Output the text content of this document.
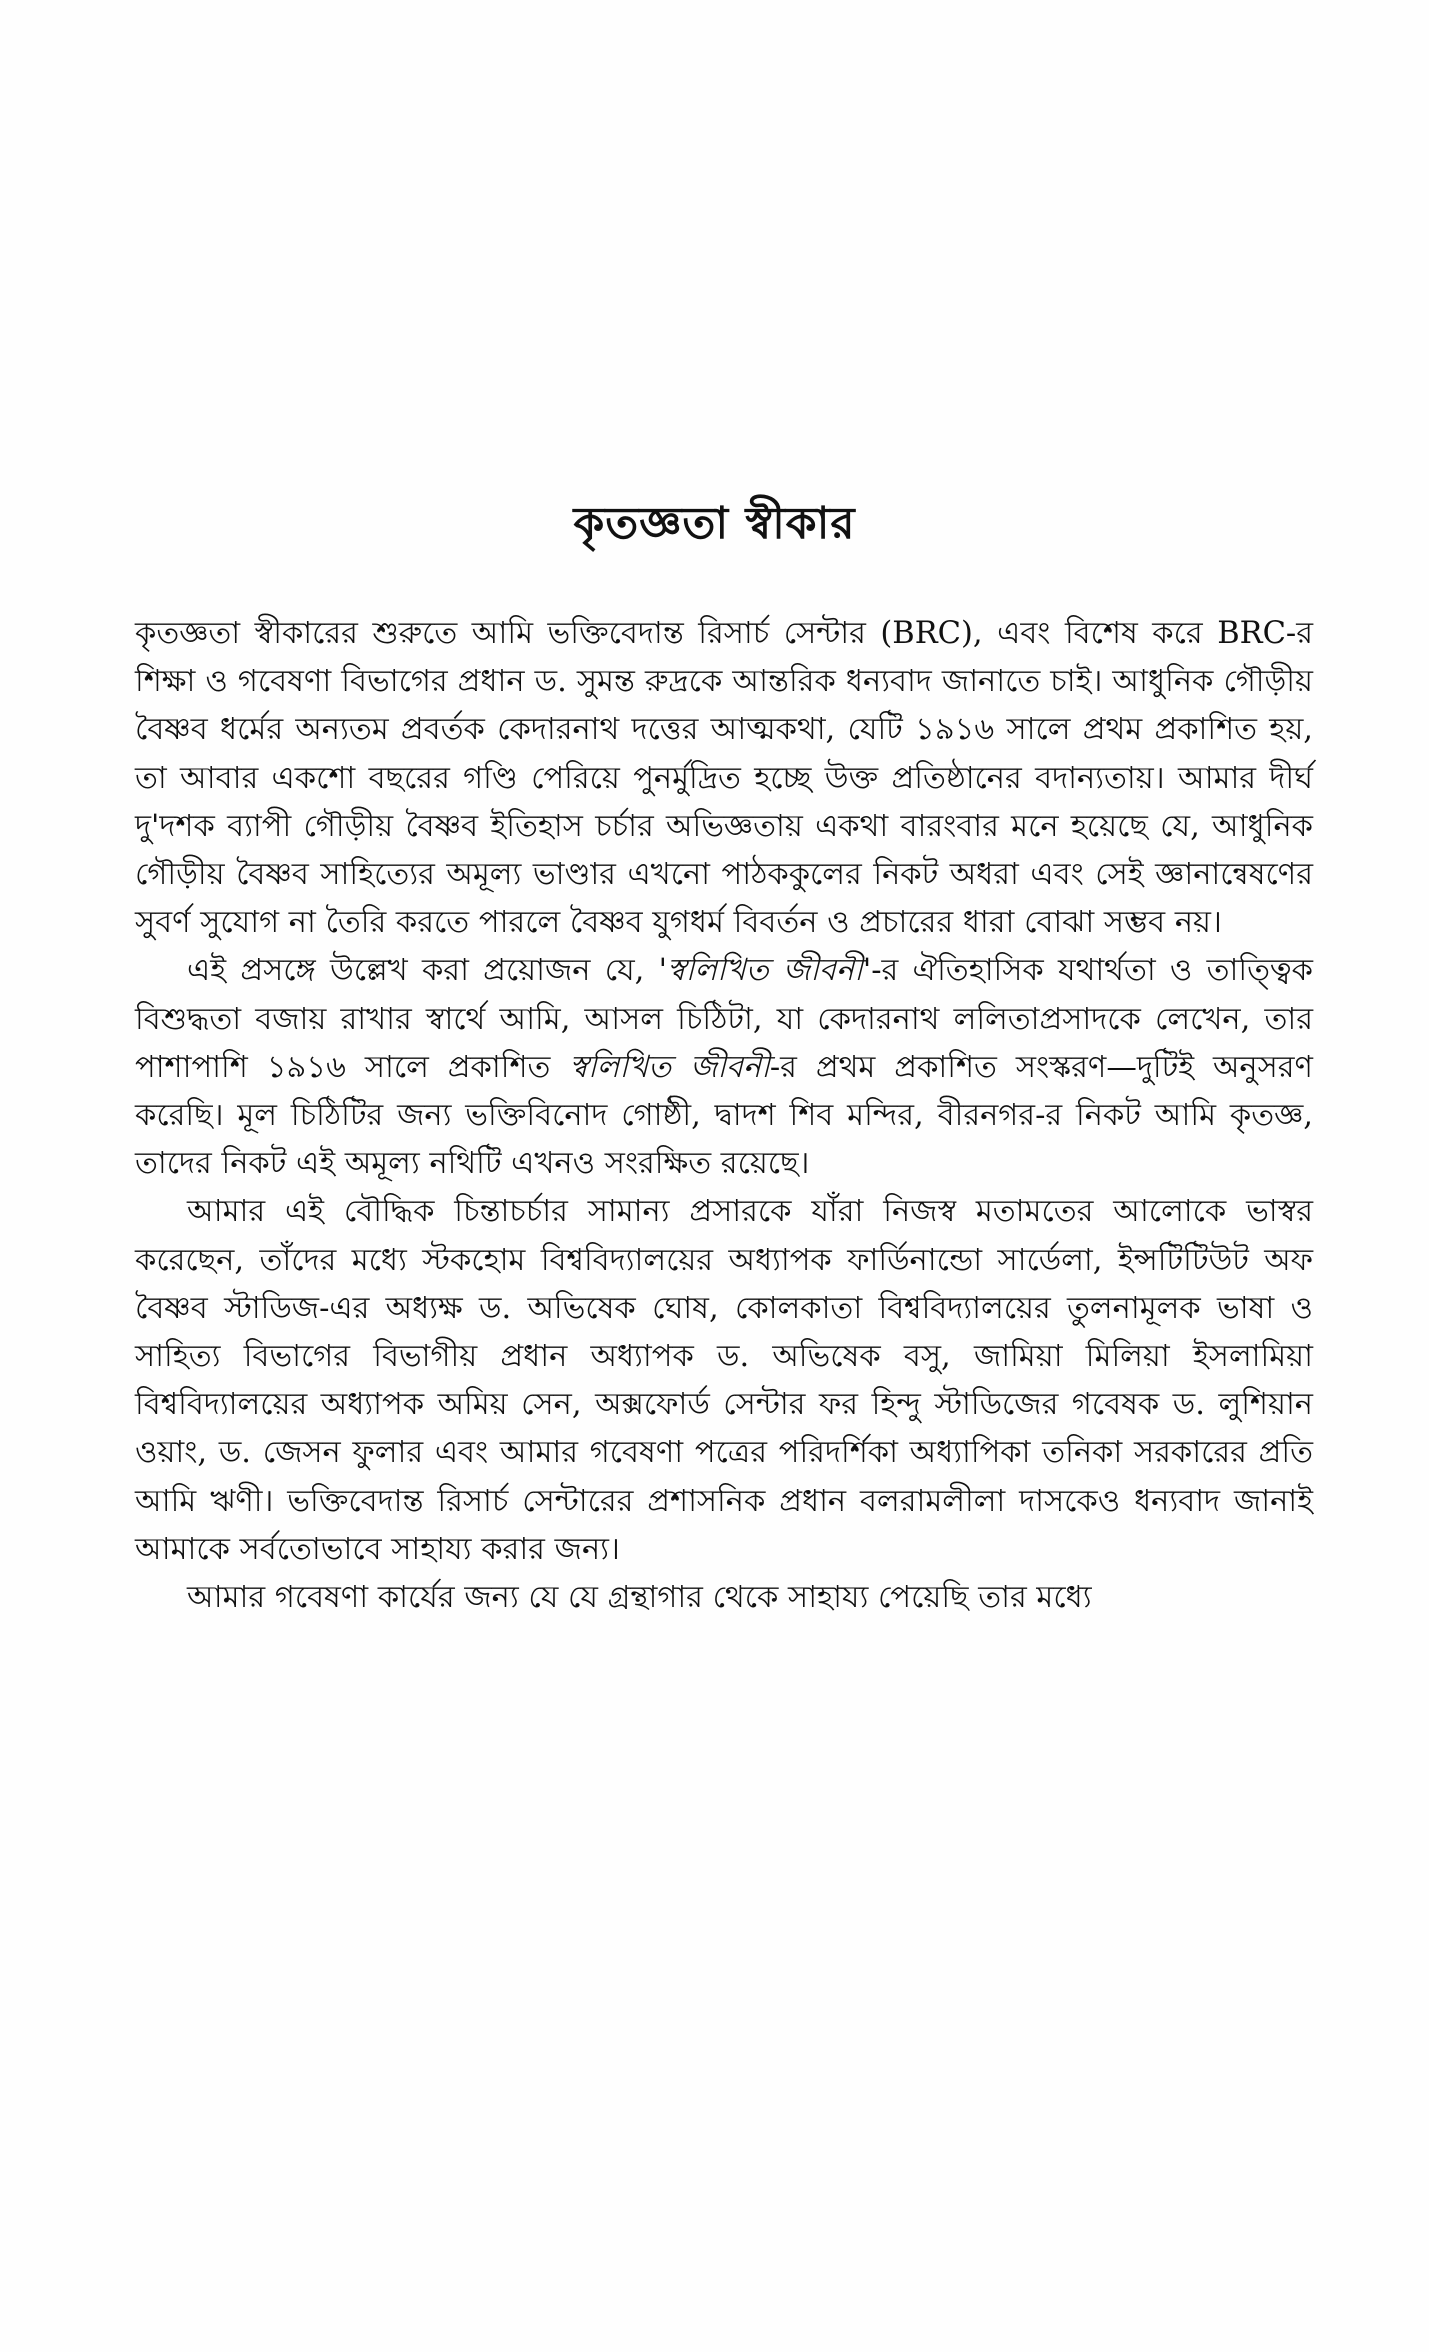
কৃতজ্ঞতা স্বীকার

কৃতজ্ঞতা স্বীকারের শুরুতে আমি ভক্তিবেদান্ত রিসার্চ সেন্টার (BRC), এবং বিশেষ করে BRC-র শিক্ষা ও গবেষণা বিভাগের প্রধান ড. সুমন্ত রুদ্রকে আন্তরিক ধন্যবাদ জানাতে চাই। আধুনিক গৌড়ীয় বৈষ্ণব ধর্মের অন্যতম প্রবর্তক কেদারনাথ দত্তের আত্মকথা, যেটি ১৯১৬ সালে প্রথম প্রকাশিত হয়, তা আবার একশো বছরের গণ্ডি পেরিয়ে পুনর্মুদ্রিত হচ্ছে উক্ত প্রতিষ্ঠানের বদান্যতায়। আমার দীর্ঘ দু'দশক ব্যাপী গৌড়ীয় বৈষ্ণব ইতিহাস চর্চার অভিজ্ঞতায় একথা বারংবার মনে হয়েছে যে, আধুনিক গৌড়ীয় বৈষ্ণব সাহিত্যের অমূল্য ভাণ্ডার এখনো পাঠককুলের নিকট অধরা এবং সেই জ্ঞানান্বেষণের সুবর্ণ সুযোগ না তৈরি করতে পারলে বৈষ্ণব যুগধর্ম বিবর্তন ও প্রচারের ধারা বোঝা সম্ভব নয়।

এই প্রসঙ্গে উল্লেখ করা প্রয়োজন যে, 'স্বলিখিত জীবনী'-র ঐতিহাসিক যথার্থতা ও তাত্ত্বিক বিশুদ্ধতা বজায় রাখার স্বার্থে আমি, আসল চিঠিটা, যা কেদারনাথ ললিতাপ্রসাদকে লেখেন, তার পাশাপাশি ১৯১৬ সালে প্রকাশিত স্বলিখিত জীবনী-র প্রথম প্রকাশিত সংস্করণ—দুটিই অনুসরণ করেছি। মূল চিঠিটির জন্য ভক্তিবিনোদ গোষ্ঠী, দ্বাদশ শিব মন্দির, বীরনগর-র নিকট আমি কৃতজ্ঞ, তাদের নিকট এই অমূল্য নথিটি এখনও সংরক্ষিত রয়েছে।

আমার এই বৌদ্ধিক চিন্তাচর্চার সামান্য প্রসারকে যাঁরা নিজস্ব মতামতের আলোকে ভাস্বর করেছেন, তাঁদের মধ্যে স্টকহোম বিশ্ববিদ্যালয়ের অধ্যাপক ফার্ডিনান্ডো সার্ডেলা, ইন্সটিটিউট অফ বৈষ্ণব স্টাডিজ-এর অধ্যক্ষ ড. অভিষেক ঘোষ, কোলকাতা বিশ্ববিদ্যালয়ের তুলনামূলক ভাষা ও সাহিত্য বিভাগের বিভাগীয় প্রধান অধ্যাপক ড. অভিষেক বসু, জামিয়া মিলিয়া ইসলামিয়া বিশ্ববিদ্যালয়ের অধ্যাপক অমিয় সেন, অক্সফোর্ড সেন্টার ফর হিন্দু স্টাডিজের গবেষক ড. লুশিয়ান ওয়াং, ড. জেসন ফুলার এবং আমার গবেষণা পত্রের পরিদর্শিকা অধ্যাপিকা তনিকা সরকারের প্রতি আমি ঋণী। ভক্তিবেদান্ত রিসার্চ সেন্টারের প্রশাসনিক প্রধান বলরামলীলা দাসকেও ধন্যবাদ জানাই আমাকে সর্বতোভাবে সাহায্য করার জন্য।

আমার গবেষণা কার্যের জন্য যে যে গ্রন্থাগার থেকে সাহায্য পেয়েছি তার মধ্যে
